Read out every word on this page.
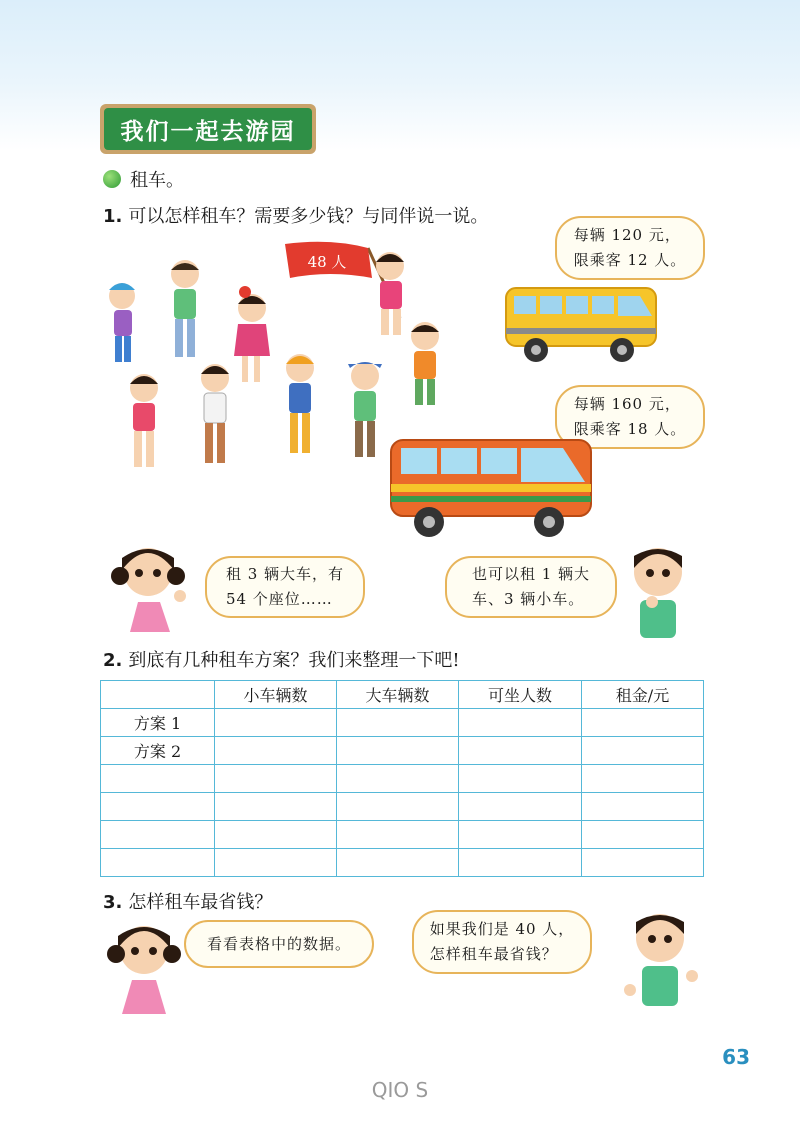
我们一起去游园
租车。
1. 可以怎样租车？需要多少钱？与同伴说一说。
48 人
每辆 120 元，
限乘客 12 人。
每辆 160 元，
限乘客 18 人。
租 3 辆大车，有
54 个座位……
也可以租 1 辆大
车、3 辆小车。
2. 到底有几种租车方案？我们来整理一下吧!
	小车辆数	大车辆数	可坐人数	租金/元
方案 1				
方案 2				

3. 怎样租车最省钱？
看看表格中的数据。
如果我们是 40 人，
怎样租车最省钱？
63
QIO S
